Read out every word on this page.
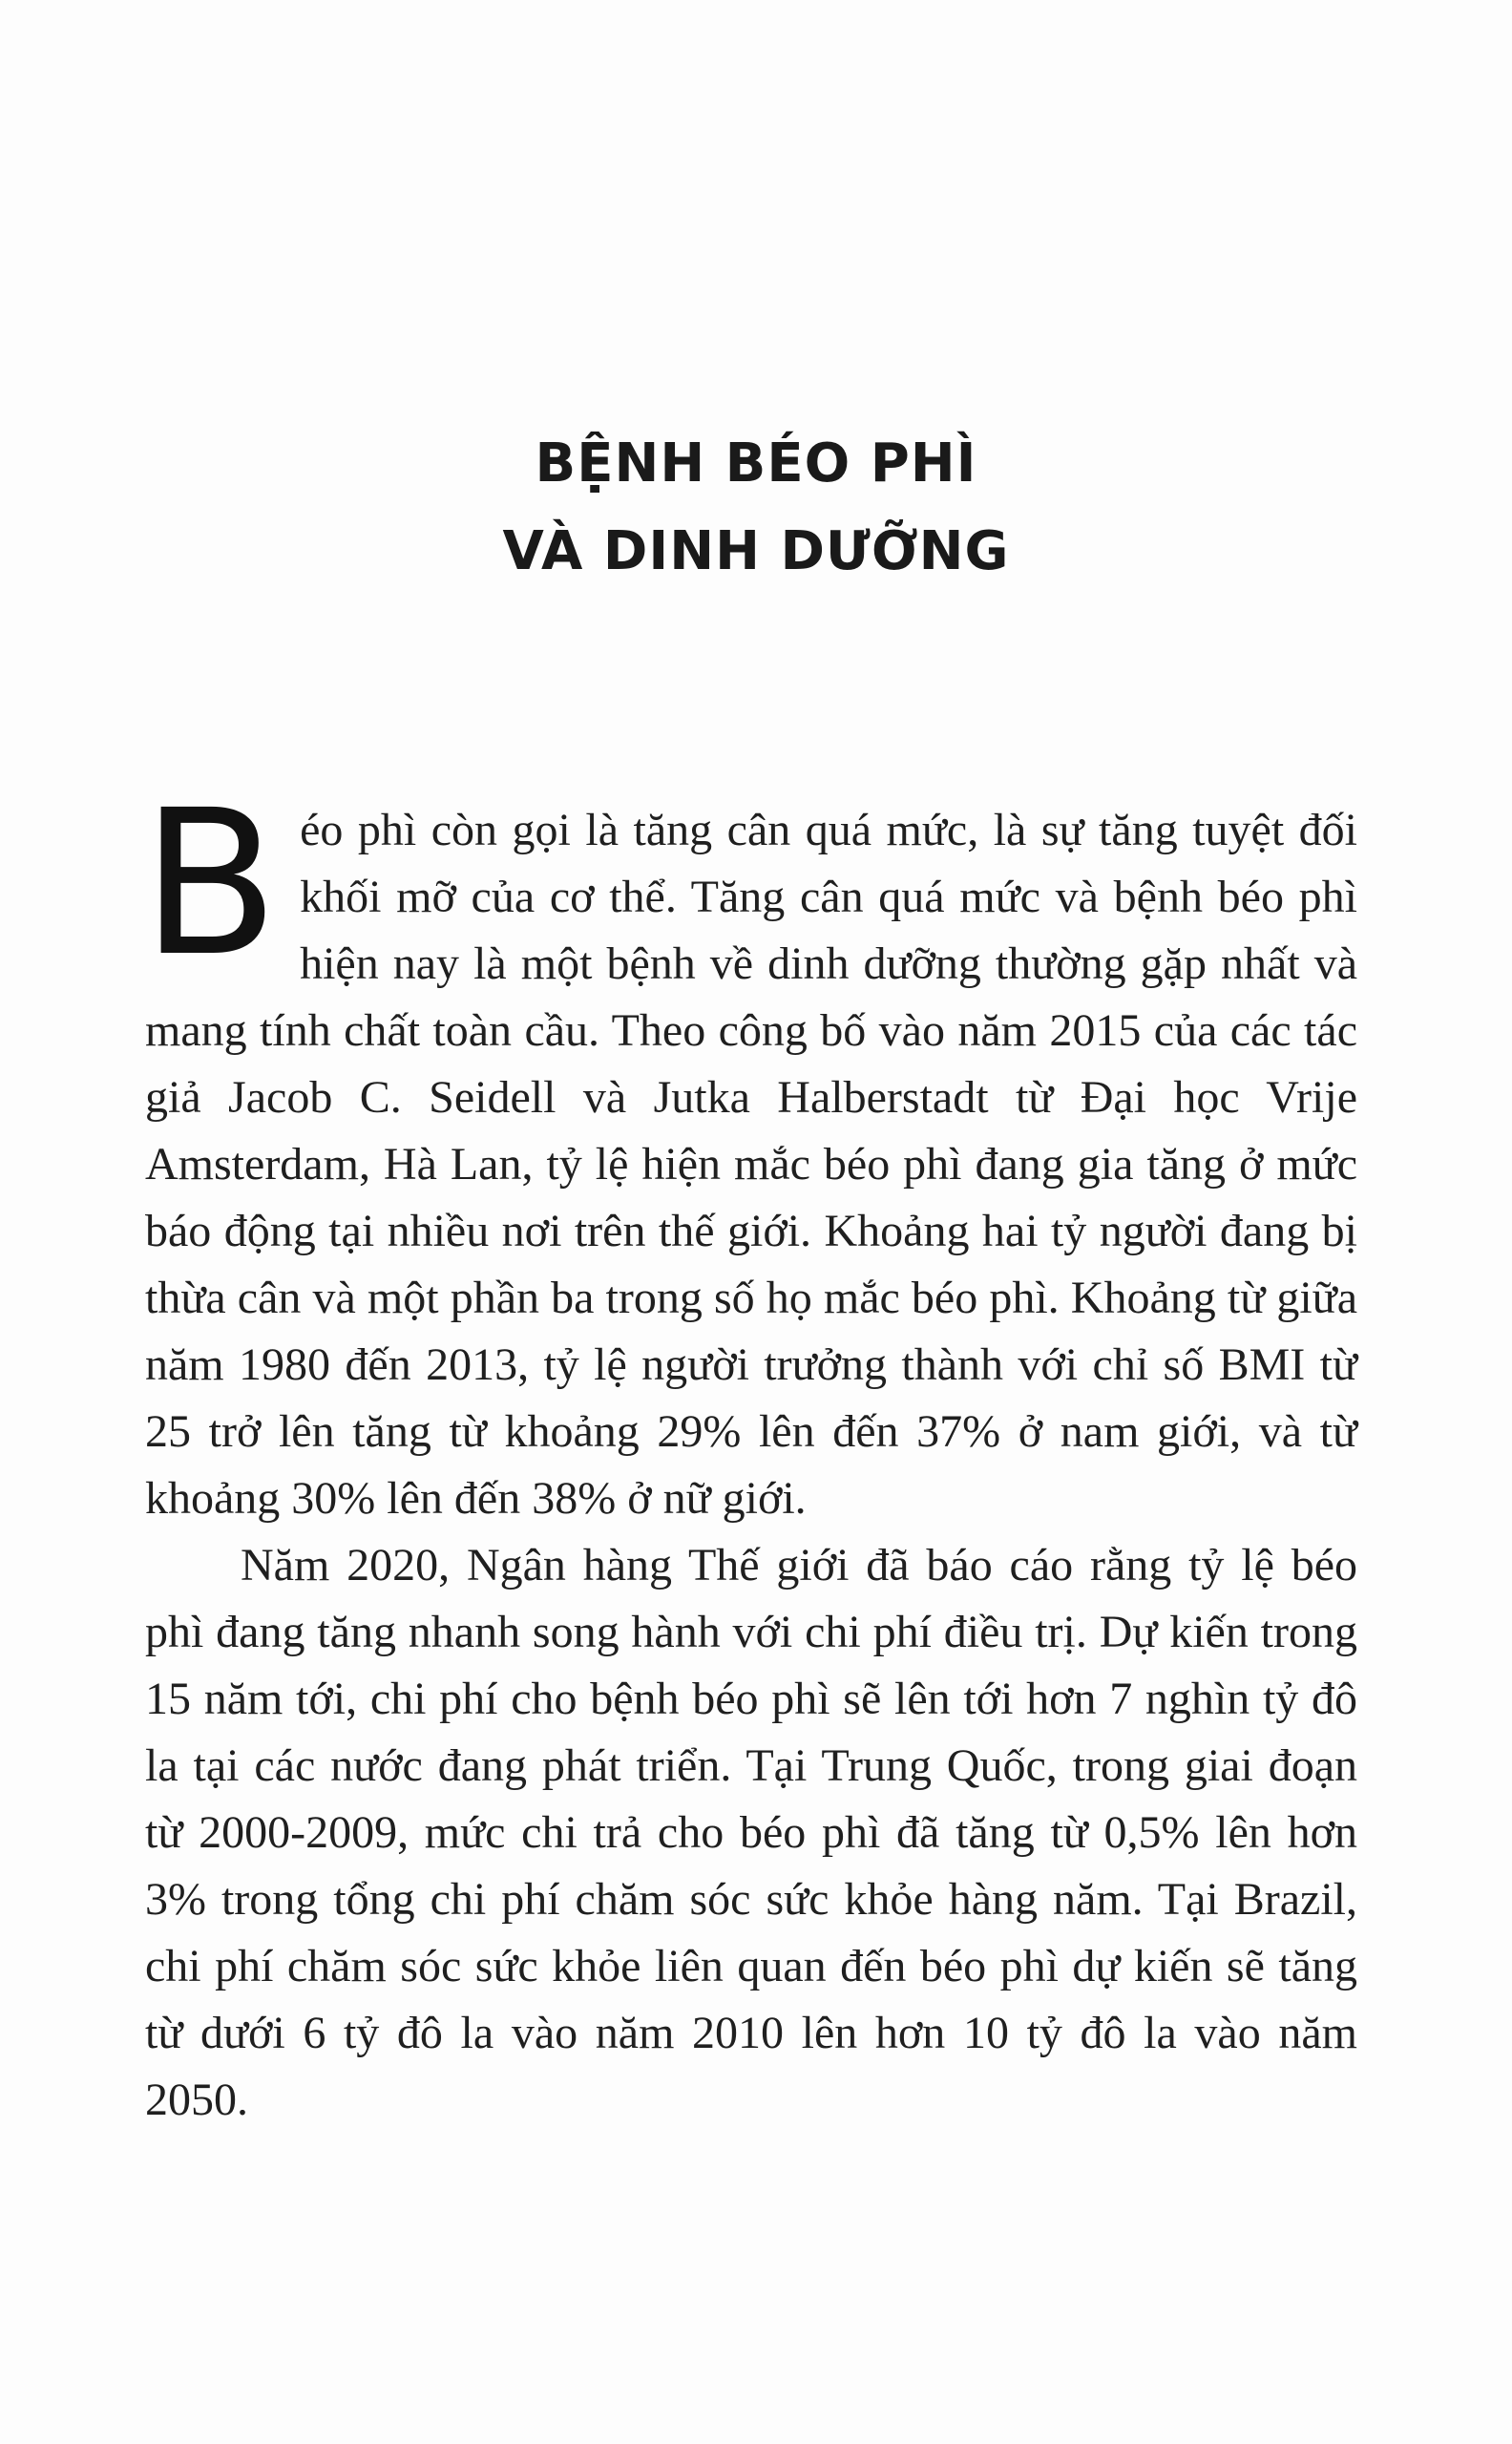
BỆNH BÉO PHÌ
VÀ DINH DƯỠNG

Béo phì còn gọi là tăng cân quá mức, là sự tăng tuyệt đối khối mỡ của cơ thể. Tăng cân quá mức và bệnh béo phì hiện nay là một bệnh về dinh dưỡng thường gặp nhất và mang tính chất toàn cầu. Theo công bố vào năm 2015 của các tác giả Jacob C. Seidell và Jutka Halberstadt từ Đại học Vrije Amsterdam, Hà Lan, tỷ lệ hiện mắc béo phì đang gia tăng ở mức báo động tại nhiều nơi trên thế giới. Khoảng hai tỷ người đang bị thừa cân và một phần ba trong số họ mắc béo phì. Khoảng từ giữa năm 1980 đến 2013, tỷ lệ người trưởng thành với chỉ số BMI từ 25 trở lên tăng từ khoảng 29% lên đến 37% ở nam giới, và từ khoảng 30% lên đến 38% ở nữ giới.

Năm 2020, Ngân hàng Thế giới đã báo cáo rằng tỷ lệ béo phì đang tăng nhanh song hành với chi phí điều trị. Dự kiến trong 15 năm tới, chi phí cho bệnh béo phì sẽ lên tới hơn 7 nghìn tỷ đô la tại các nước đang phát triển. Tại Trung Quốc, trong giai đoạn từ 2000-2009, mức chi trả cho béo phì đã tăng từ 0,5% lên hơn 3% trong tổng chi phí chăm sóc sức khỏe hàng năm. Tại Brazil, chi phí chăm sóc sức khỏe liên quan đến béo phì dự kiến sẽ tăng từ dưới 6 tỷ đô la vào năm 2010 lên hơn 10 tỷ đô la vào năm 2050.
